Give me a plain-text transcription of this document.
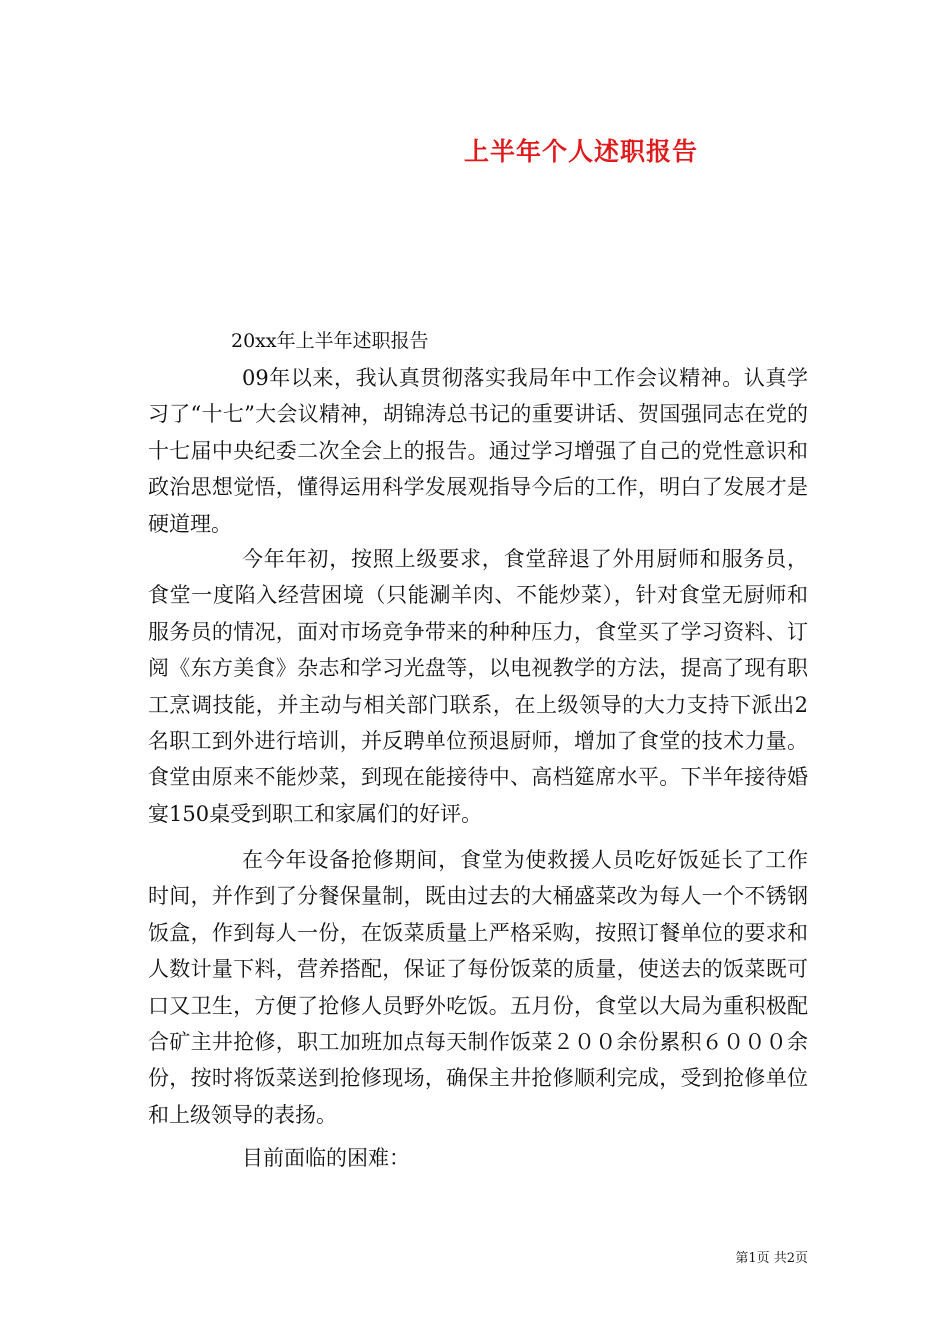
上半年个人述职报告
20xx年上半年述职报告

09年以来，我认真贯彻落实我局年中工作会议精神。认真学习了“十七”大会议精神，胡锦涛总书记的重要讲话、贺国强同志在党的十七届中央纪委二次全会上的报告。通过学习增强了自己的党性意识和政治思想觉悟，懂得运用科学发展观指导今后的工作，明白了发展才是硬道理。

今年年初，按照上级要求，食堂辞退了外用厨师和服务员，食堂一度陷入经营困境（只能涮羊肉、不能炒菜），针对食堂无厨师和服务员的情况，面对市场竞争带来的种种压力，食堂买了学习资料、订阅《东方美食》杂志和学习光盘等，以电视教学的方法，提高了现有职工烹调技能，并主动与相关部门联系，在上级领导的大力支持下派出2名职工到外进行培训，并反聘单位预退厨师，增加了食堂的技术力量。食堂由原来不能炒菜，到现在能接待中、高档筵席水平。下半年接待婚宴150桌受到职工和家属们的好评。

在今年设备抢修期间，食堂为使救援人员吃好饭延长了工作时间，并作到了分餐保量制，既由过去的大桶盛菜改为每人一个不锈钢饭盒，作到每人一份，在饭菜质量上严格采购，按照订餐单位的要求和人数计量下料，营养搭配，保证了每份饭菜的质量，使送去的饭菜既可口又卫生，方便了抢修人员野外吃饭。五月份，食堂以大局为重积极配合矿主井抢修，职工加班加点每天制作饭菜２００余份累积６０００余份，按时将饭菜送到抢修现场，确保主井抢修顺利完成，受到抢修单位和上级领导的表扬。

目前面临的困难：

第1页 共2页
